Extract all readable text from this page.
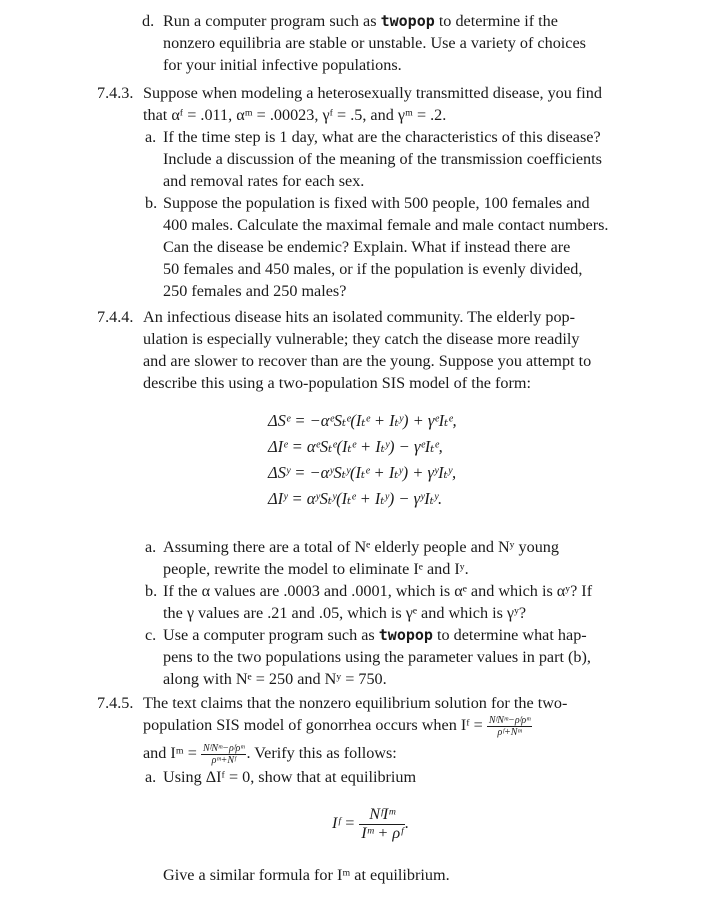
d. Run a computer program such as twopop to determine if the
nonzero equilibria are stable or unstable. Use a variety of choices
for your initial infective populations.
7.4.3. Suppose when modeling a heterosexually transmitted disease, you find
that αᶠ = .011, αᵐ = .00023, γᶠ = .5, and γᵐ = .2.
a. If the time step is 1 day, what are the characteristics of this disease?
Include a discussion of the meaning of the transmission coefficients
and removal rates for each sex.
b. Suppose the population is fixed with 500 people, 100 females and
400 males. Calculate the maximal female and male contact numbers.
Can the disease be endemic? Explain. What if instead there are
50 females and 450 males, or if the population is evenly divided,
250 females and 250 males?
7.4.4. An infectious disease hits an isolated community. The elderly pop-
ulation is especially vulnerable; they catch the disease more readily
and are slower to recover than are the young. Suppose you attempt to
describe this using a two-population SIS model of the form:
ΔSᵉ = −αᵉSₜᵉ(Iₜᵉ + Iₜʸ) + γᵉIₜᵉ,
ΔIᵉ = αᵉSₜᵉ(Iₜᵉ + Iₜʸ) − γᵉIₜᵉ,
ΔSʸ = −αʸSₜʸ(Iₜᵉ + Iₜʸ) + γʸIₜʸ,
ΔIʸ = αʸSₜʸ(Iₜᵉ + Iₜʸ) − γʸIₜʸ.
a. Assuming there are a total of Nᵉ elderly people and Nʸ young
people, rewrite the model to eliminate Iᵉ and Iʸ.
b. If the α values are .0003 and .0001, which is αᵉ and which is αʸ? If
the γ values are .21 and .05, which is γᵉ and which is γʸ?
c. Use a computer program such as twopop to determine what hap-
pens to the two populations using the parameter values in part (b),
along with Nᵉ = 250 and Nʸ = 750.
7.4.5. The text claims that the nonzero equilibrium solution for the two-
population SIS model of gonorrhea occurs when Iᶠ = $\frac{\text{NᶠNᵐ−ρᶠρᵐ}}{\text{ρᶠ+Nᵐ}}$
and Iᵐ = $\frac{\text{NᶠNᵐ−ρᶠρᵐ}}{\text{ρᵐ+Nᶠ}}$ . Verify this as follows:
a. Using ΔIᶠ = 0, show that at equilibrium
Iᶠ = $\frac{\text{NᶠIᵐ}}{\text{Iᵐ + ρᶠ}}$ .
Give a similar formula for Iᵐ at equilibrium.
